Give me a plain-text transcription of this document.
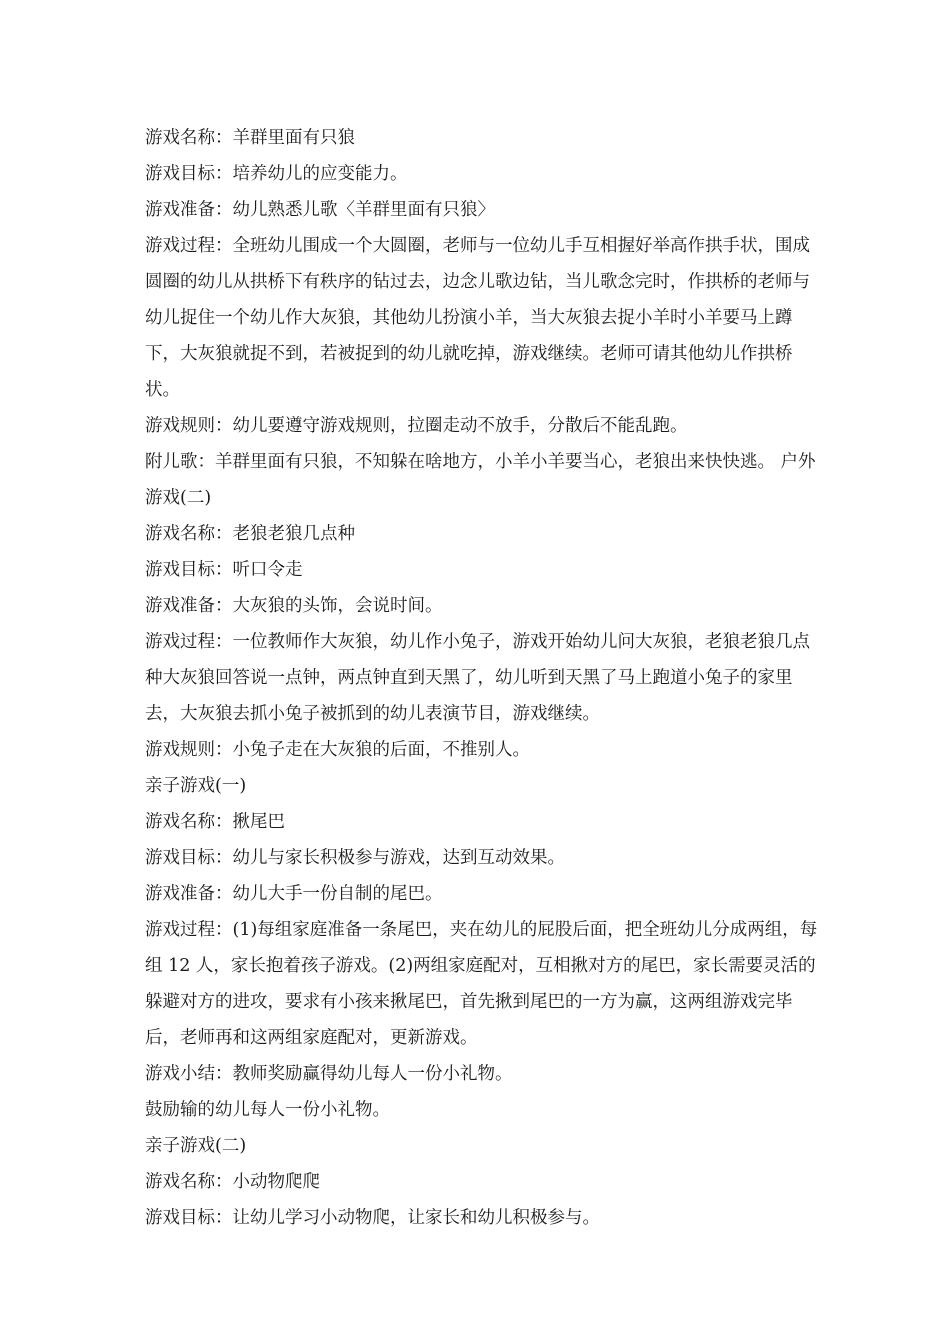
游戏名称：羊群里面有只狼

游戏目标：培养幼儿的应变能力。

游戏准备：幼儿熟悉儿歌〈羊群里面有只狼〉

游戏过程：全班幼儿围成一个大圆圈，老师与一位幼儿手互相握好举高作拱手状，围成圆圈的幼儿从拱桥下有秩序的钻过去，边念儿歌边钻，当儿歌念完时，作拱桥的老师与幼儿捉住一个幼儿作大灰狼，其他幼儿扮演小羊，当大灰狼去捉小羊时小羊要马上蹲下，大灰狼就捉不到，若被捉到的幼儿就吃掉，游戏继续。老师可请其他幼儿作拱桥状。

游戏规则：幼儿要遵守游戏规则，拉圈走动不放手，分散后不能乱跑。

附儿歌：羊群里面有只狼，不知躲在啥地方，小羊小羊要当心，老狼出来快快逃。 户外游戏(二)

游戏名称：老狼老狼几点种

游戏目标：听口令走

游戏准备：大灰狼的头饰，会说时间。

游戏过程：一位教师作大灰狼，幼儿作小兔子，游戏开始幼儿问大灰狼，老狼老狼几点种大灰狼回答说一点钟，两点钟直到天黑了，幼儿听到天黑了马上跑道小兔子的家里去，大灰狼去抓小兔子被抓到的幼儿表演节目，游戏继续。

游戏规则：小兔子走在大灰狼的后面，不推别人。

亲子游戏(一)

游戏名称：揪尾巴

游戏目标：幼儿与家长积极参与游戏，达到互动效果。

游戏准备：幼儿大手一份自制的尾巴。

游戏过程：(1)每组家庭准备一条尾巴，夹在幼儿的屁股后面，把全班幼儿分成两组，每组 12 人，家长抱着孩子游戏。(2)两组家庭配对，互相揪对方的尾巴，家长需要灵活的躲避对方的进攻，要求有小孩来揪尾巴，首先揪到尾巴的一方为赢，这两组游戏完毕后，老师再和这两组家庭配对，更新游戏。

游戏小结：教师奖励赢得幼儿每人一份小礼物。

鼓励输的幼儿每人一份小礼物。

亲子游戏(二)

游戏名称：小动物爬爬

游戏目标：让幼儿学习小动物爬，让家长和幼儿积极参与。
